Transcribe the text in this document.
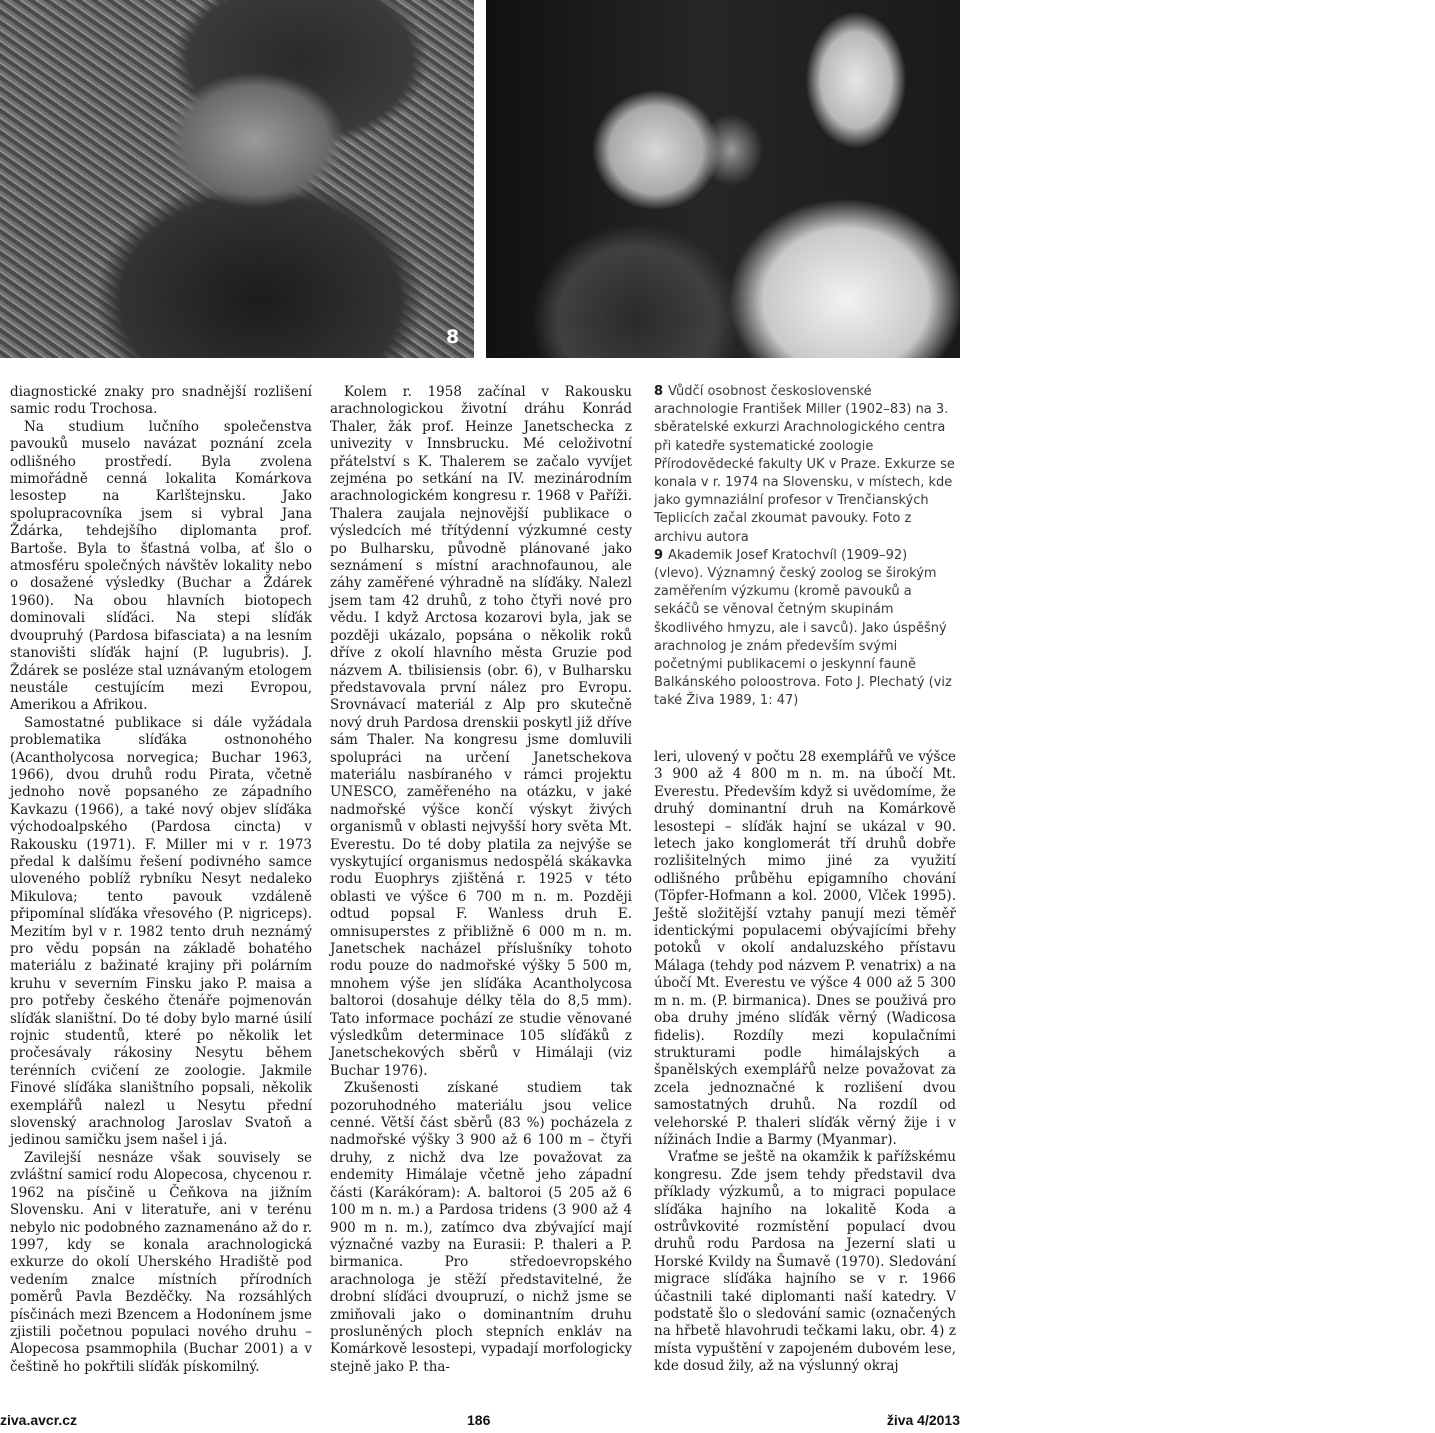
8	9

diagnostické znaky pro snadnější rozlišení samic rodu Trochosa.

Na studium lučního společenstva pavouků muselo navázat poznání zcela odlišného prostředí. Byla zvolena mimořádně cenná lokalita Komárkova lesostep na Karlštejnsku. Jako spolupracovníka jsem si vybral Jana Ždárka, tehdejšího diplomanta prof. Bartoše. Byla to šťastná volba, ať šlo o atmosféru společných návštěv lokality nebo o dosažené výsledky (Buchar a Ždárek 1960). Na obou hlavních biotopech dominovali slíďáci. Na stepi slíďák dvoupruhý (Pardosa bifasciata) a na lesním stanovišti slíďák hajní (P. lugubris). J. Ždárek se posléze stal uznávaným etologem neustále cestujícím mezi Evropou, Amerikou a Afrikou.

Samostatné publikace si dále vyžádala problematika slíďáka ostnonohého (Acantholycosa norvegica; Buchar 1963, 1966), dvou druhů rodu Pirata, včetně jednoho nově popsaného ze západního Kavkazu (1966), a také nový objev slíďáka východoalpského (Pardosa cincta) v Rakousku (1971). F. Miller mi v r. 1973 předal k dalšímu řešení podivného samce uloveného poblíž rybníku Nesyt nedaleko Mikulova; tento pavouk vzdáleně připomínal slíďáka vřesového (P. nigriceps). Mezitím byl v r. 1982 tento druh neznámý pro vědu popsán na základě bohatého materiálu z bažinaté krajiny při polárním kruhu v severním Finsku jako P. maisa a pro potřeby českého čtenáře pojmenován slíďák slaništní. Do té doby bylo marné úsilí rojnic studentů, které po několik let pročesávaly rákosiny Nesytu během terénních cvičení ze zoologie. Jakmile Finové slíďáka slaništního popsali, několik exemplářů nalezl u Nesytu přední slovenský arachnolog Jaroslav Svatoň a jedinou samičku jsem našel i já.

Zavilejší nesnáze však souvisely se zvláštní samicí rodu Alopecosa, chycenou r. 1962 na písčině u Čeňkova na jižním Slovensku. Ani v literatuře, ani v terénu nebylo nic podobného zaznamenáno až do r. 1997, kdy se konala arachnologická exkurze do okolí Uherského Hradiště pod vedením znalce místních přírodních poměrů Pavla Bezděčky. Na rozsáhlých písčinách mezi Bzencem a Hodonínem jsme zjistili početnou populaci nového druhu – Alopecosa psammophila (Buchar 2001) a v češtině ho pokřtili slíďák pískomilný.

Kolem r. 1958 začínal v Rakousku arachnologickou životní dráhu Konrád Thaler, žák prof. Heinze Janetschecka z univezity v Innsbrucku. Mé celoživotní přátelství s K. Thalerem se začalo vyvíjet zejména po setkání na IV. mezinárodním arachnologickém kongresu r. 1968 v Paříži. Thalera zaujala nejnovější publikace o výsledcích mé třítýdenní výzkumné cesty po Bulharsku, původně plánované jako seznámení s místní arachnofaunou, ale záhy zaměřené výhradně na slíďáky. Nalezl jsem tam 42 druhů, z toho čtyři nové pro vědu. I když Arctosa kozarovi byla, jak se později ukázalo, popsána o několik roků dříve z okolí hlavního města Gruzie pod názvem A. tbilisiensis (obr. 6), v Bulharsku představovala první nález pro Evropu. Srovnávací materiál z Alp pro skutečně nový druh Pardosa drenskii poskytl již dříve sám Thaler. Na kongresu jsme domluvili spolupráci na určení Janetschekova materiálu nasbíraného v rámci projektu UNESCO, zaměřeného na otázku, v jaké nadmořské výšce končí výskyt živých organismů v oblasti nejvyšší hory světa Mt. Everestu. Do té doby platila za nejvýše se vyskytující organismus nedospělá skákavka rodu Euophrys zjištěná r. 1925 v této oblasti ve výšce 6 700 m n. m. Později odtud popsal F. Wanless druh E. omnisuperstes z přibližně 6 000 m n. m. Janetschek nacházel příslušníky tohoto rodu pouze do nadmořské výšky 5 500 m, mnohem výše jen slíďáka Acantholycosa baltoroi (dosahuje délky těla do 8,5 mm). Tato informace pochází ze studie věnované výsledkům determinace 105 slíďáků z Janetschekových sběrů v Himálaji (viz Buchar 1976).

Zkušenosti získané studiem tak pozoruhodného materiálu jsou velice cenné. Větší část sběrů (83 %) pocházela z nadmořské výšky 3 900 až 6 100 m – čtyři druhy, z nichž dva lze považovat za endemity Himálaje včetně jeho západní části (Karákóram): A. baltoroi (5 205 až 6 100 m n. m.) a Pardosa tridens (3 900 až 4 900 m n. m.), zatímco dva zbývající mají význačné vazby na Eurasii: P. thaleri a P. birmanica. Pro středoevropského arachnologa je stěží představitelné, že drobní slíďáci dvoupruzí, o nichž jsme se zmiňovali jako o dominantním druhu prosluněných ploch stepních enkláv na Komárkově lesostepi, vypadají morfologicky stejně jako P. tha-

8 Vůdčí osobnost československé arachnologie František Miller (1902–83) na 3. sběratelské exkurzi Arachnologického centra při katedře systematické zoologie Přírodovědecké fakulty UK v Praze. Exkurze se konala v r. 1974 na Slovensku, v místech, kde jako gymnaziální profesor v Trenčianských Teplicích začal zkoumat pavouky. Foto z archivu autora

9 Akademik Josef Kratochvíl (1909–92) (vlevo). Významný český zoolog se širokým zaměřením výzkumu (kromě pavouků a sekáčů se věnoval četným skupinám škodlivého hmyzu, ale i savců). Jako úspěšný arachnolog je znám především svými početnými publikacemi o jeskynní fauně Balkánského poloostrova. Foto J. Plechatý (viz také Živa 1989, 1: 47)

leri, ulovený v počtu 28 exemplářů ve výšce 3 900 až 4 800 m n. m. na úbočí Mt. Everestu. Především když si uvědomíme, že druhý dominantní druh na Komárkově lesostepi – slíďák hajní se ukázal v 90. letech jako konglomerát tří druhů dobře rozlišitelných mimo jiné za využití odlišného průběhu epigamního chování (Töpfer-Hofmann a kol. 2000, Vlček 1995). Ještě složitější vztahy panují mezi těměř identickými populacemi obývajícími břehy potoků v okolí andaluzského přístavu Málaga (tehdy pod názvem P. venatrix) a na úbočí Mt. Everestu ve výšce 4 000 až 5 300 m n. m. (P. birmanica). Dnes se použivá pro oba druhy jméno slíďák věrný (Wadicosa fidelis). Rozdíly mezi kopulačními strukturami podle himálajských a španělských exemplářů nelze považovat za zcela jednoznačné k rozlišení dvou samostatných druhů. Na rozdíl od velehorské P. thaleri slíďák věrný žije i v nížinách Indie a Barmy (Myanmar).

Vraťme se ještě na okamžik k pařížskému kongresu. Zde jsem tehdy představil dva příklady výzkumů, a to migraci populace slíďáka hajního na lokalitě Koda a ostrůvkovité rozmístění populací dvou druhů rodu Pardosa na Jezerní slati u Horské Kvildy na Šumavě (1970). Sledování migrace slíďáka hajního se v r. 1966 účastnili také diplomanti naší katedry. V podstatě šlo o sledování samic (označených na hřbetě hlavohrudi tečkami laku, obr. 4) z místa vypuštění v zapojeném dubovém lese, kde dosud žily, až na výslunný okraj

ziva.avcr.cz	186	živa 4/2013
